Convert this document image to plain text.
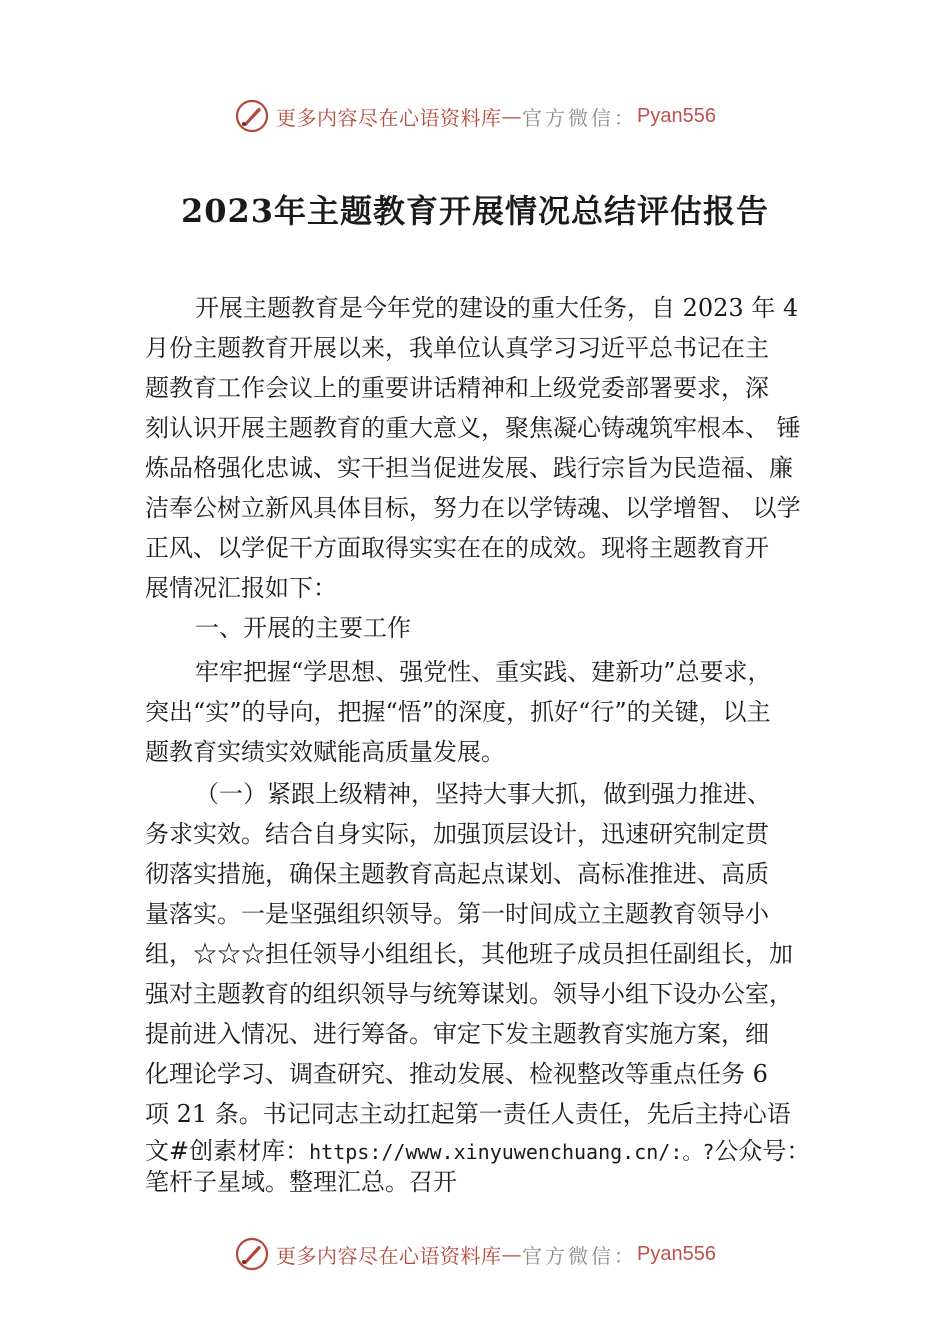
更多内容尽在心语资料库 — 官方微信： Pyan556
2023年主题教育开展情况总结评估报告
开展主题教育是今年党的建设的重大任务，自 2023 年 4
月份主题教育开展以来，我单位认真学习习近平总书记在主
题教育工作会议上的重要讲话精神和上级党委部署要求，深
刻认识开展主题教育的重大意义，聚焦凝心铸魂筑牢根本、 锤
炼品格强化忠诚、实干担当促进发展、践行宗旨为民造福、廉
洁奉公树立新风具体目标，努力在以学铸魂、以学增智、 以学
正风、以学促干方面取得实实在在的成效。现将主题教育开
展情况汇报如下：
一、开展的主要工作
牢牢把握“学思想、强党性、重实践、建新功”总要求，
突出“实”的导向，把握“悟”的深度，抓好“行”的关键，以主
题教育实绩实效赋能高质量发展。
（一）紧跟上级精神，坚持大事大抓，做到强力推进、
务求实效。结合自身实际，加强顶层设计，迅速研究制定贯
彻落实措施，确保主题教育高起点谋划、高标准推进、高质
量落实。一是坚强组织领导。第一时间成立主题教育领导小
组，☆☆☆担任领导小组组长，其他班子成员担任副组长，加
强对主题教育的组织领导与统筹谋划。领导小组下设办公室，
提前进入情况、进行筹备。审定下发主题教育实施方案，细
化理论学习、调查研究、推动发展、检视整改等重点任务 6
项 21 条。书记同志主动扛起第一责任人责任，先后主持心语
文#创素材库：https://www.xinyuwenchuang.cn/:。?公众号：
笔杆子星域。整理汇总。召开
更多内容尽在心语资料库 — 官方微信： Pyan556
